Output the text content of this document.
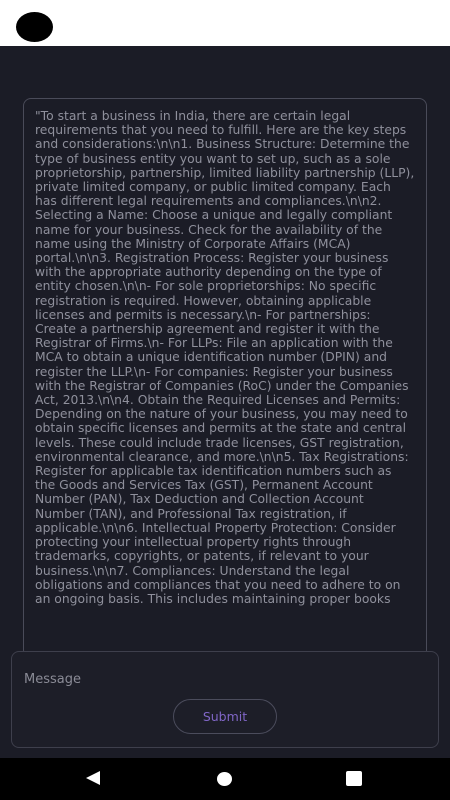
"To start a business in India, there are certain legal requirements that you need to fulfill. Here are the key steps and considerations:\n\n1. Business Structure: Determine the type of business entity you want to set up, such as a sole proprietorship, partnership, limited liability partnership (LLP), private limited company, or public limited company. Each has different legal requirements and compliances.\n\n2. Selecting a Name: Choose a unique and legally compliant name for your business. Check for the availability of the name using the Ministry of Corporate Affairs (MCA) portal.\n\n3. Registration Process: Register your business with the appropriate authority depending on the type of entity chosen.\n\n- For sole proprietorships: No specific registration is required. However, obtaining applicable licenses and permits is necessary.\n- For partnerships: Create a partnership agreement and register it with the Registrar of Firms.\n- For LLPs: File an application with the MCA to obtain a unique identification number (DPIN) and register the LLP.\n- For companies: Register your business with the Registrar of Companies (RoC) under the Companies Act, 2013.\n\n4. Obtain the Required Licenses and Permits: Depending on the nature of your business, you may need to obtain specific licenses and permits at the state and central levels. These could include trade licenses, GST registration, environmental clearance, and more.\n\n5. Tax Registrations: Register for applicable tax identification numbers such as the Goods and Services Tax (GST), Permanent Account Number (PAN), Tax Deduction and Collection Account Number (TAN), and Professional Tax registration, if applicable.\n\n6. Intellectual Property Protection: Consider protecting your intellectual property rights through trademarks, copyrights, or patents, if relevant to your business.\n\n7. Compliances: Understand the legal obligations and compliances that you need to adhere to on an ongoing basis. This includes maintaining proper books
Message
Submit
